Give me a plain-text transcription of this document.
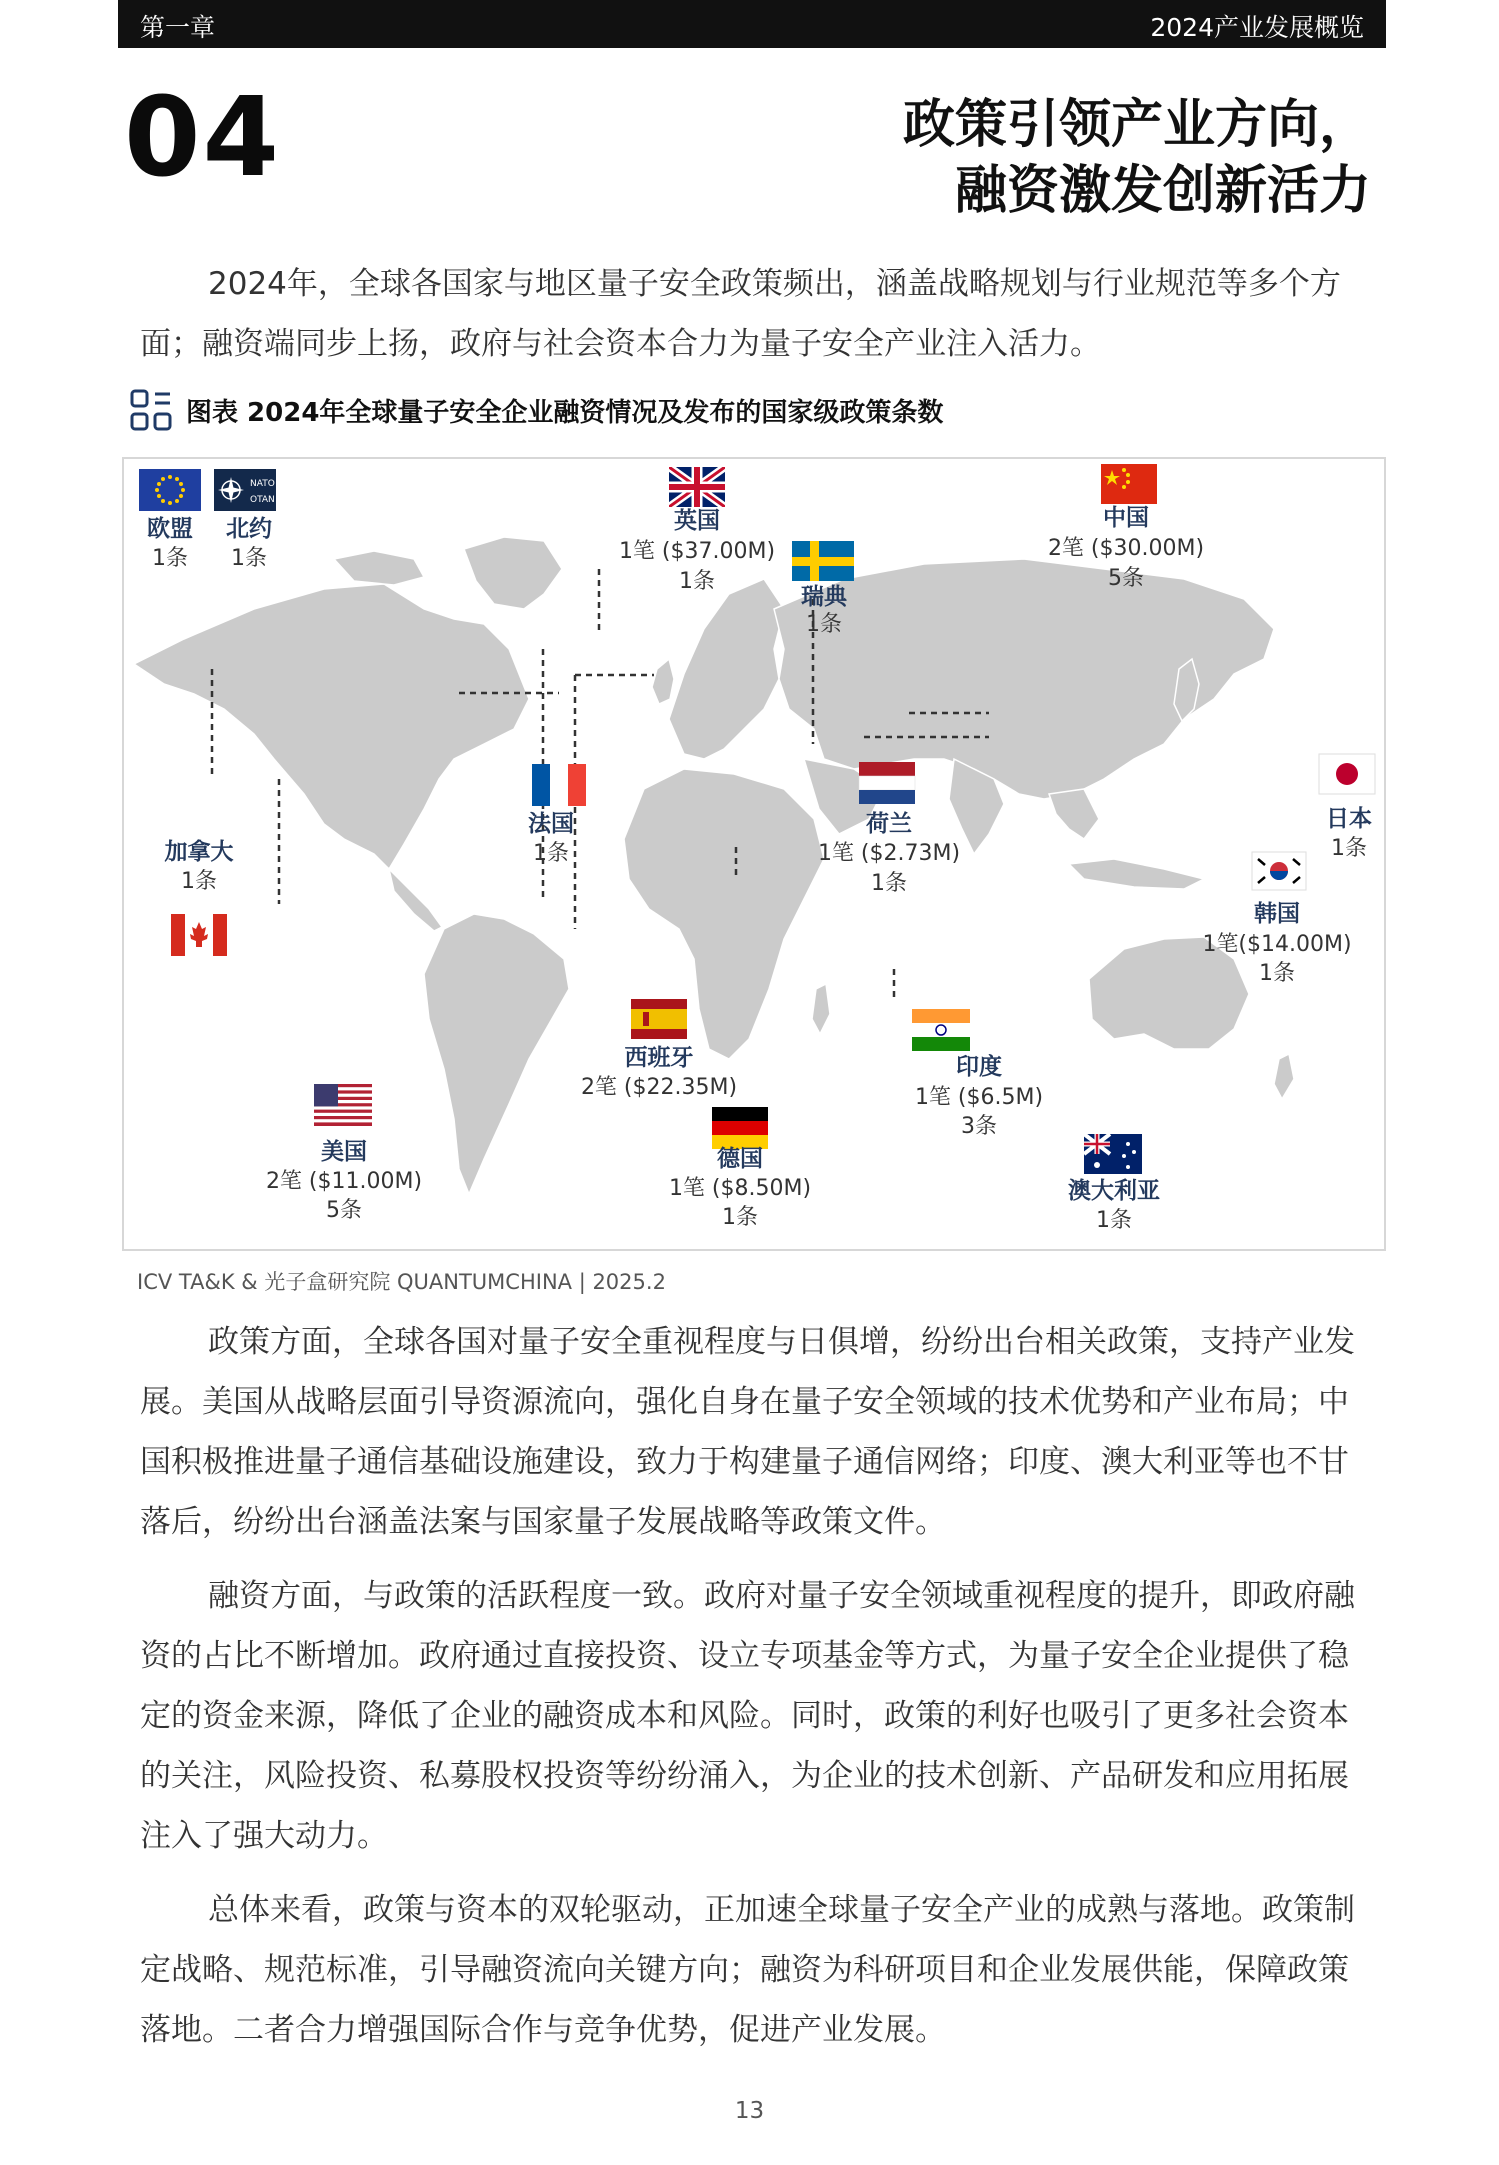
第一章	2024产业发展概览
04	政策引领产业方向，
融资激发创新活力

2024年，全球各国家与地区量子安全政策频出，涵盖战略规划与行业规范等多个方面；融资端同步上扬，政府与社会资本合力为量子安全产业注入活力。

图表 2024年全球量子安全企业融资情况及发布的国家级政策条数
NATO
OTAN
欧盟
1条
北约
1条
英国
1笔 ($37.00M)
1条
瑞典
1条
中国
2笔 ($30.00M)
5条
加拿大
1条
法国
1条
荷兰
1笔 ($2.73M)
1条
日本
1条
韩国
1笔($14.00M)
1条
西班牙
2笔 ($22.35M)
印度
1笔 ($6.5M)
3条
美国
2笔 ($11.00M)
5条
德国
1笔 ($8.50M)
1条
澳大利亚
1条
ICV TA&K & 光子盒研究院 QUANTUMCHINA | 2025.2

政策方面，全球各国对量子安全重视程度与日俱增，纷纷出台相关政策，支持产业发展。美国从战略层面引导资源流向，强化自身在量子安全领域的技术优势和产业布局；中国积极推进量子通信基础设施建设，致力于构建量子通信网络；印度、澳大利亚等也不甘落后，纷纷出台涵盖法案与国家量子发展战略等政策文件。

融资方面，与政策的活跃程度一致。政府对量子安全领域重视程度的提升，即政府融资的占比不断增加。政府通过直接投资、设立专项基金等方式，为量子安全企业提供了稳定的资金来源，降低了企业的融资成本和风险。同时，政策的利好也吸引了更多社会资本的关注，风险投资、私募股权投资等纷纷涌入，为企业的技术创新、产品研发和应用拓展注入了强大动力。

总体来看，政策与资本的双轮驱动，正加速全球量子安全产业的成熟与落地。政策制定战略、规范标准，引导融资流向关键方向；融资为科研项目和企业发展供能，保障政策落地。二者合力增强国际合作与竞争优势，促进产业发展。

13
